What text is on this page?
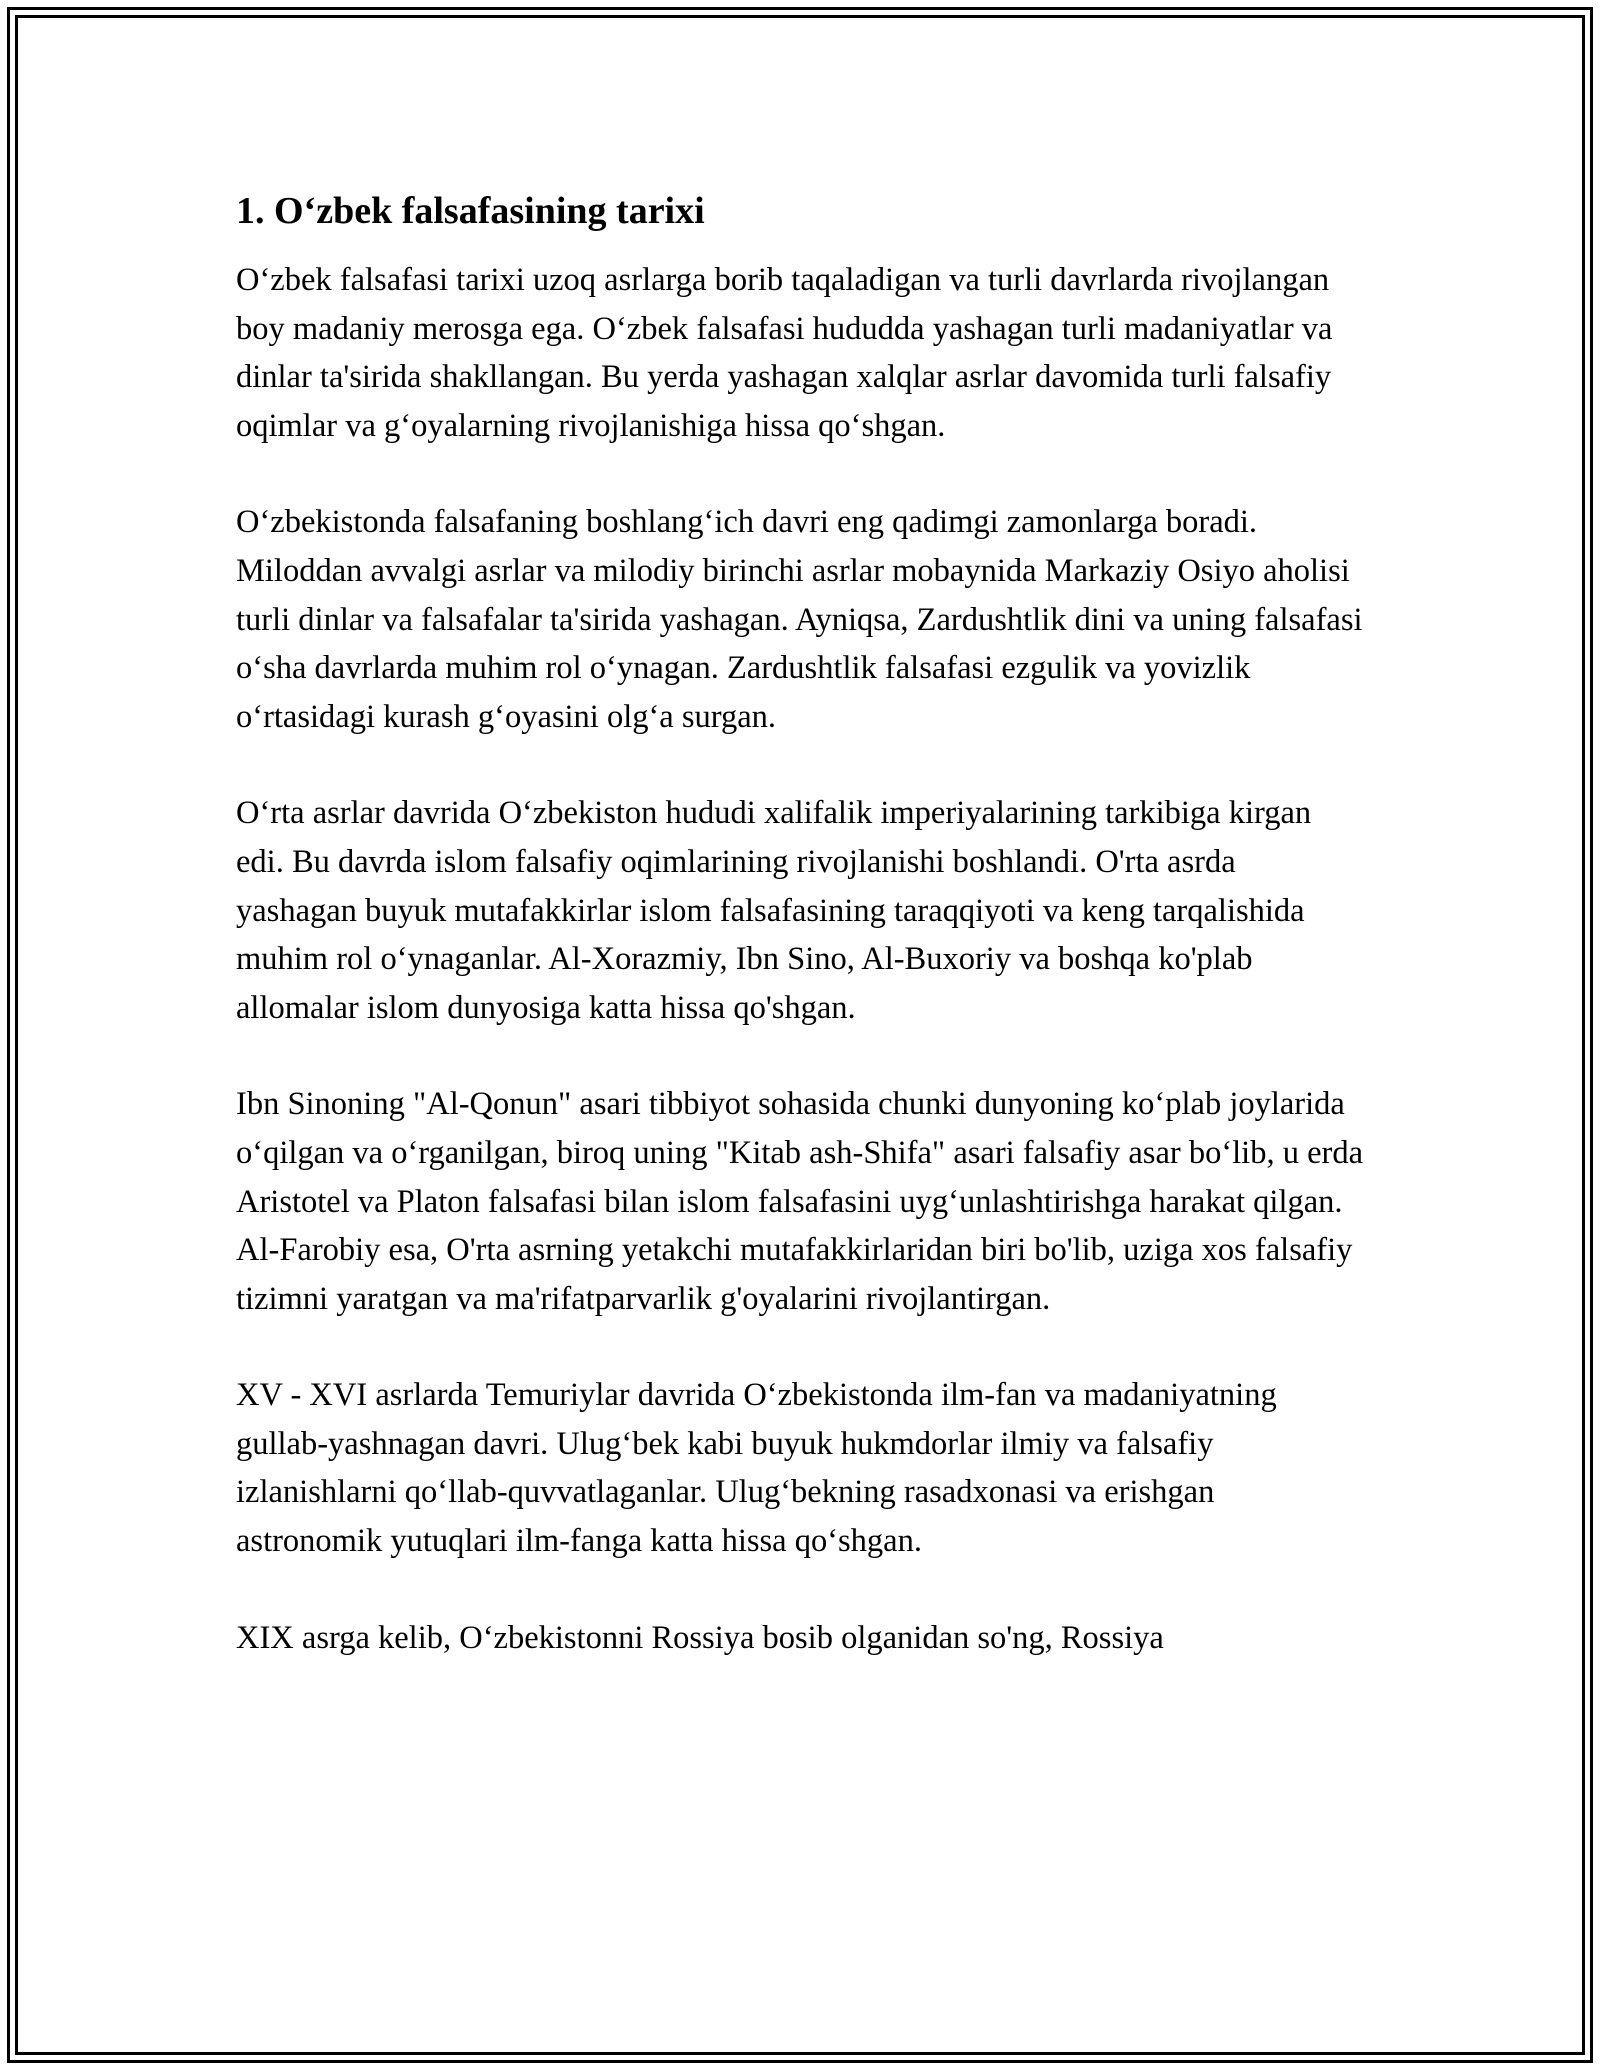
1. O‘zbek falsafasining tarixi

O‘zbek falsafasi tarixi uzoq asrlarga borib taqaladigan va turli davrlarda rivojlangan boy madaniy merosga ega. O‘zbek falsafasi hududda yashagan turli madaniyatlar va dinlar ta'sirida shakllangan. Bu yerda yashagan xalqlar asrlar davomida turli falsafiy oqimlar va g‘oyalarning rivojlanishiga hissa qo‘shgan.

O‘zbekistonda falsafaning boshlang‘ich davri eng qadimgi zamonlarga boradi. Miloddan avvalgi asrlar va milodiy birinchi asrlar mobaynida Markaziy Osiyo aholisi turli dinlar va falsafalar ta'sirida yashagan. Ayniqsa, Zardushtlik dini va uning falsafasi o‘sha davrlarda muhim rol o‘ynagan. Zardushtlik falsafasi ezgulik va yovizlik o‘rtasidagi kurash g‘oyasini olg‘a surgan.

O‘rta asrlar davrida O‘zbekiston hududi xalifalik imperiyalarining tarkibiga kirgan edi. Bu davrda islom falsafiy oqimlarining rivojlanishi boshlandi. O'rta asrda yashagan buyuk mutafakkirlar islom falsafasining taraqqiyoti va keng tarqalishida muhim rol o‘ynaganlar. Al-Xorazmiy, Ibn Sino, Al-Buxoriy va boshqa ko'plab allomalar islom dunyosiga katta hissa qo'shgan.

Ibn Sinoning "Al-Qonun" asari tibbiyot sohasida chunki dunyoning ko‘plab joylarida o‘qilgan va o‘rganilgan, biroq uning "Kitab ash-Shifa" asari falsafiy asar bo‘lib, u erda Aristotel va Platon falsafasi bilan islom falsafasini uyg‘unlashtirishga harakat qilgan. Al-Farobiy esa, O'rta asrning yetakchi mutafakkirlaridan biri bo'lib, uziga xos falsafiy tizimni yaratgan va ma'rifatparvarlik g'oyalarini rivojlantirgan.

XV - XVI asrlarda Temuriylar davrida O‘zbekistonda ilm-fan va madaniyatning gullab-yashnagan davri. Ulug‘bek kabi buyuk hukmdorlar ilmiy va falsafiy izlanishlarni qo‘llab-quvvatlaganlar. Ulug‘bekning rasadxonasi va erishgan astronomik yutuqlari ilm-fanga katta hissa qo‘shgan.

XIX asrga kelib, O‘zbekistonni Rossiya bosib olganidan so'ng, Rossiya
